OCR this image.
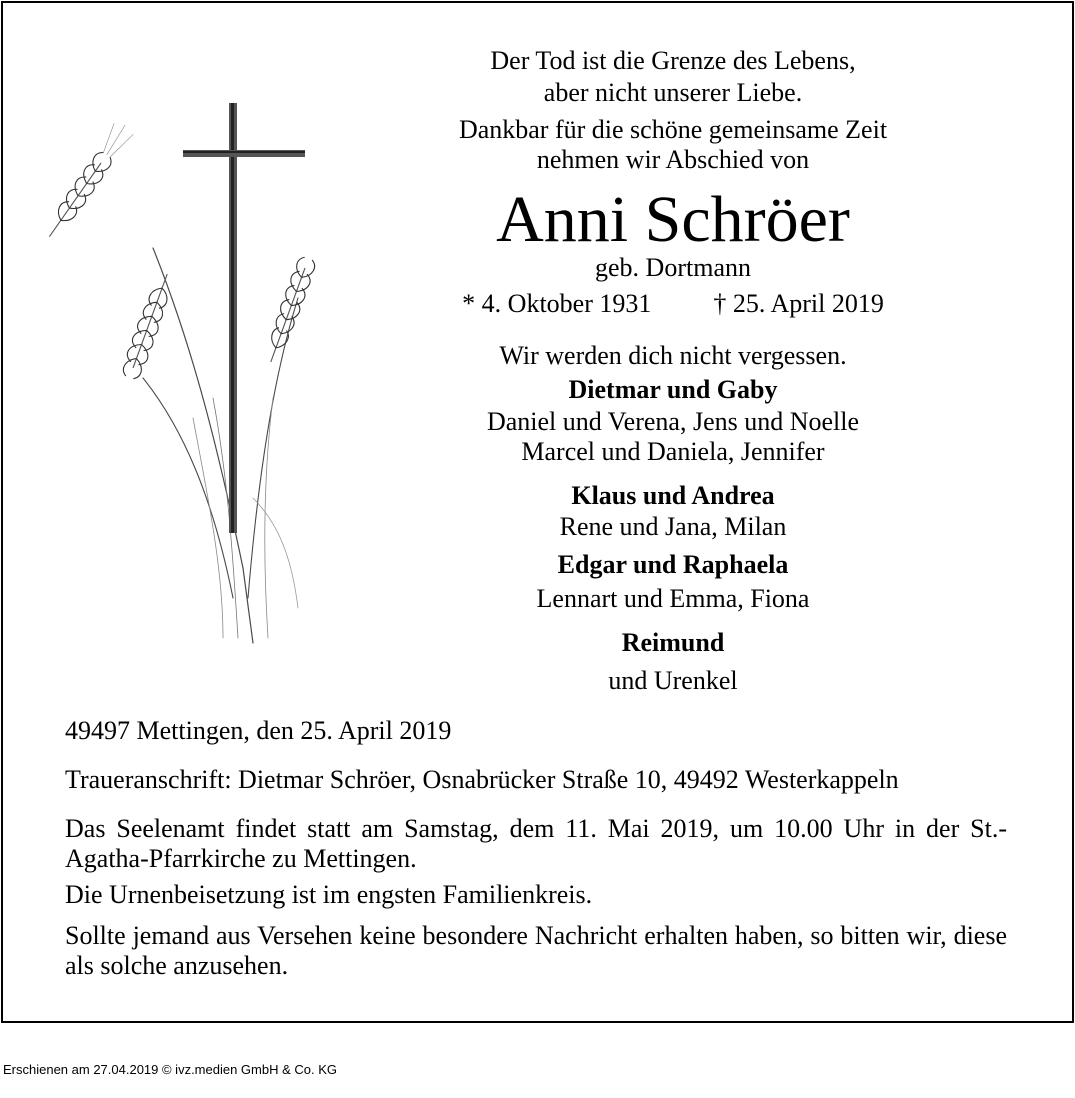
Der Tod ist die Grenze des Lebens,
aber nicht unserer Liebe.
Dankbar für die schöne gemeinsame Zeit
nehmen wir Abschied von
Anni Schröer
geb. Dortmann
* 4. Oktober 1931 † 25. April 2019
Wir werden dich nicht vergessen.
Dietmar und Gaby
Daniel und Verena, Jens und Noelle
Marcel und Daniela, Jennifer
Klaus und Andrea
Rene und Jana, Milan
Edgar und Raphaela
Lennart und Emma, Fiona
Reimund
und Urenkel
49497 Mettingen, den 25. April 2019
Traueranschrift: Dietmar Schröer, Osnabrücker Straße 10, 49492 Westerkappeln
Das Seelenamt findet statt am Samstag, dem 11. Mai 2019, um 10.00 Uhr in der St.-Agatha-Pfarrkirche zu Mettingen.
Die Urnenbeisetzung ist im engsten Familienkreis.
Sollte jemand aus Versehen keine besondere Nachricht erhalten haben, so bitten wir, diese als solche anzusehen.
Erschienen am 27.04.2019 © ivz.medien GmbH & Co. KG
